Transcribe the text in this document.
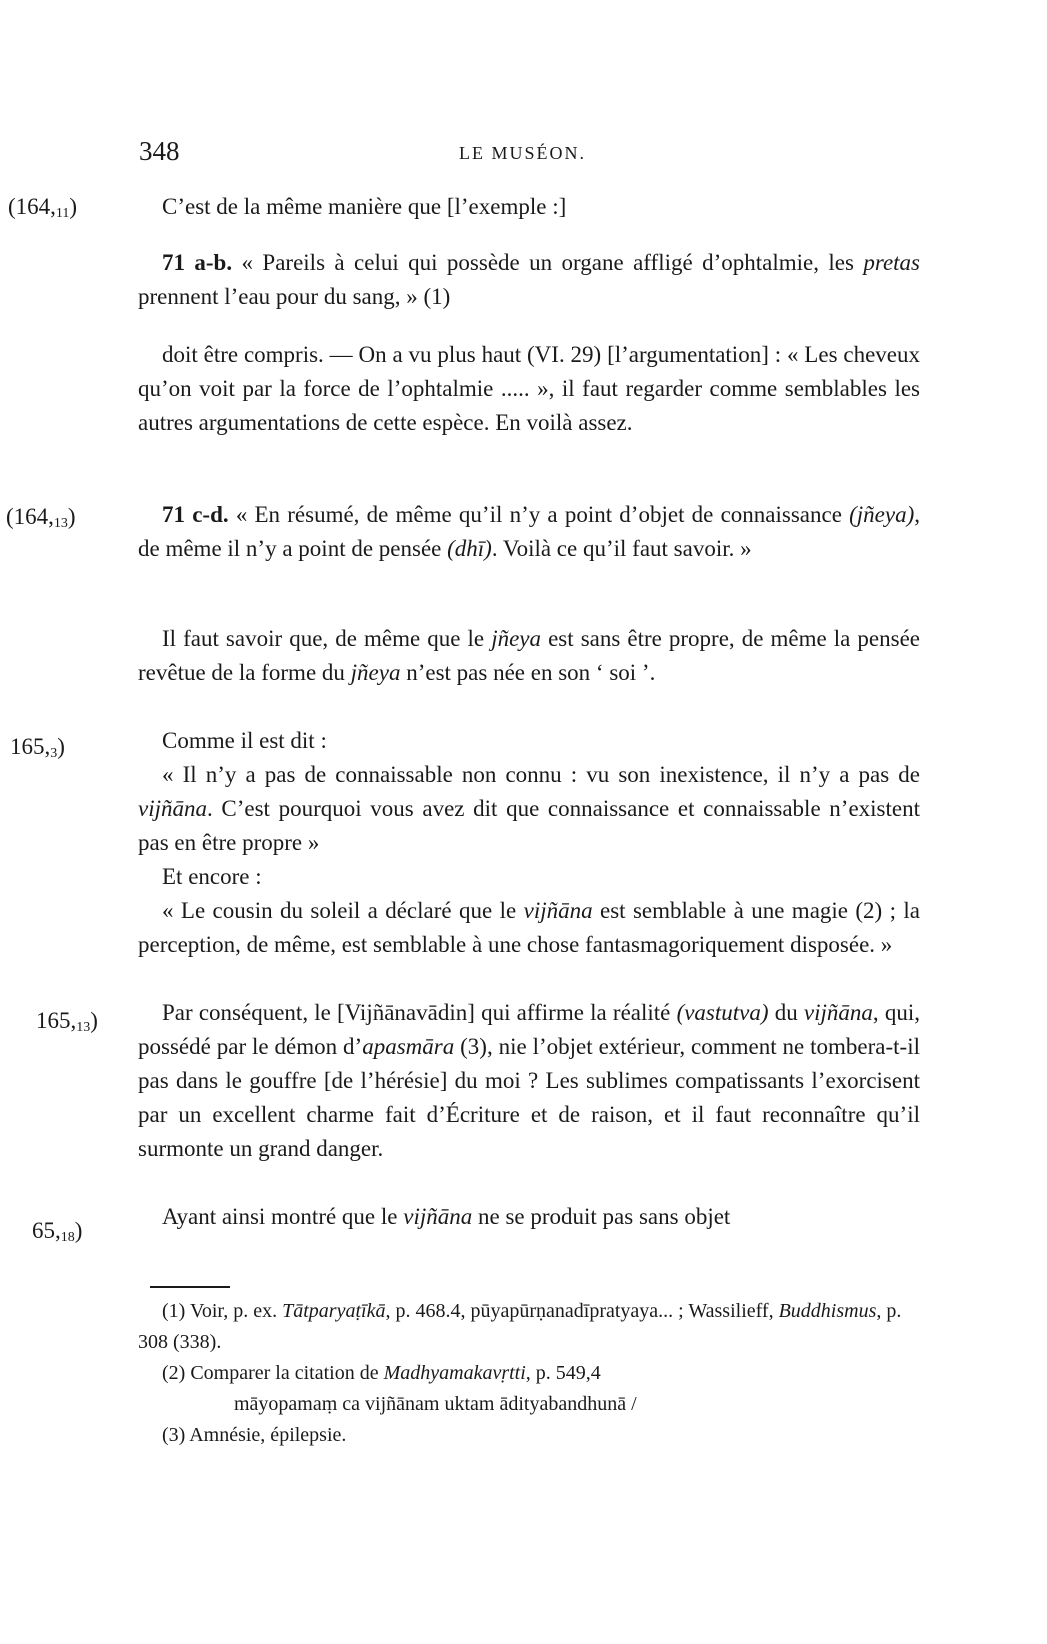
348	LE MUSÉON.
$(164,_{11})$
$(164,_{13})$
$165,_3$)
$165,_{13}$)
$65,_{18}$)
C’est de la même manière que [l’exemple :]
71 a-b. « Pareils à celui qui possède un organe affligé d’ophtalmie, les pretas prennent l’eau pour du sang, » (1)
doit être compris. — On a vu plus haut (VI. 29) [l’argumentation] : « Les cheveux qu’on voit par la force de l’ophtalmie ..... », il faut regarder comme semblables les autres argumentations de cette espèce. En voilà assez.
71 c-d. « En résumé, de même qu’il n’y a point d’objet de connaissance (jñeya), de même il n’y a point de pensée (dhī). Voilà ce qu’il faut savoir. »
Il faut savoir que, de même que le jñeya est sans être propre, de même la pensée revêtue de la forme du jñeya n’est pas née en son ‘ soi ’.
Comme il est dit :
« Il n’y a pas de connaissable non connu : vu son inexistence, il n’y a pas de vijñāna. C’est pourquoi vous avez dit que connaissance et connaissable n’existent pas en être propre »
Et encore :
« Le cousin du soleil a déclaré que le vijñāna est semblable à une magie (2) ; la perception, de même, est semblable à une chose fantasmagoriquement disposée. »
Par conséquent, le [Vijñānavādin] qui affirme la réalité (vastutva) du vijñāna, qui, possédé par le démon d’apasmāra (3), nie l’objet extérieur, comment ne tombera-t-il pas dans le gouffre [de l’hérésie] du moi ? Les sublimes compatissants l’exorcisent par un excellent charme fait d’Écriture et de raison, et il faut reconnaître qu’il surmonte un grand danger.
Ayant ainsi montré que le vijñāna ne se produit pas sans objet
(1) Voir, p. ex. Tātparyaṭīkā, p. 468.4, pūyapūrṇanadīpratyaya... ; Wassilieff, Buddhismus, p. 308 (338).
(2) Comparer la citation de Madhyamakavṛtti, p. 549,4
māyopamaṃ ca vijñānam uktam ādityabandhunā /
(3) Amnésie, épilepsie.
